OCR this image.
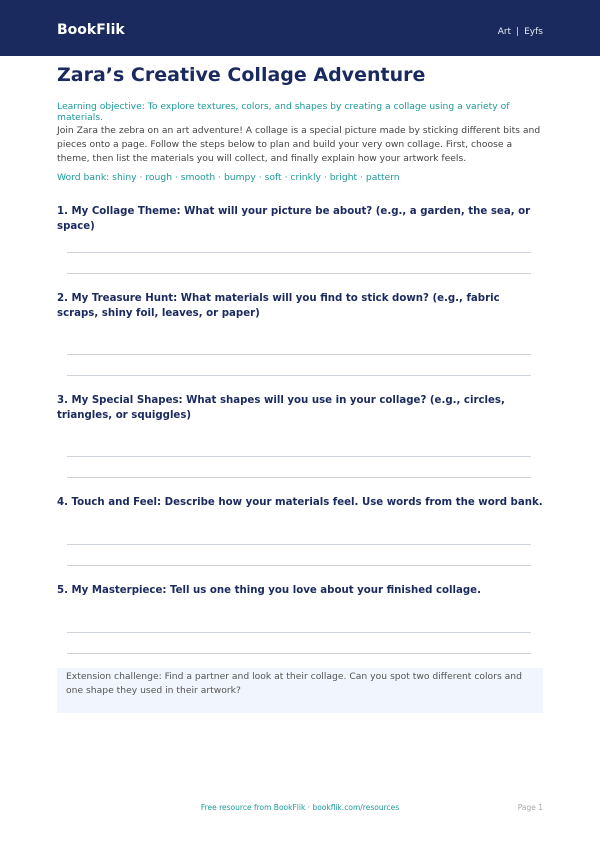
BookFlik	Art | Eyfs
Zara’s Creative Collage Adventure
Learning objective: To explore textures, colors, and shapes by creating a collage using a variety of materials.
Join Zara the zebra on an art adventure! A collage is a special picture made by sticking different bits and pieces onto a page. Follow the steps below to plan and build your very own collage. First, choose a theme, then list the materials you will collect, and finally explain how your artwork feels.
Word bank: shiny · rough · smooth · bumpy · soft · crinkly · bright · pattern
1. My Collage Theme: What will your picture be about? (e.g., a garden, the sea, or space)
2. My Treasure Hunt: What materials will you find to stick down? (e.g., fabric scraps, shiny foil, leaves, or paper)
3. My Special Shapes: What shapes will you use in your collage? (e.g., circles, triangles, or squiggles)
4. Touch and Feel: Describe how your materials feel. Use words from the word bank.
5. My Masterpiece: Tell us one thing you love about your finished collage.
Extension challenge: Find a partner and look at their collage. Can you spot two different colors and one shape they used in their artwork?
Free resource from BookFlik · bookflik.com/resources	Page 1
